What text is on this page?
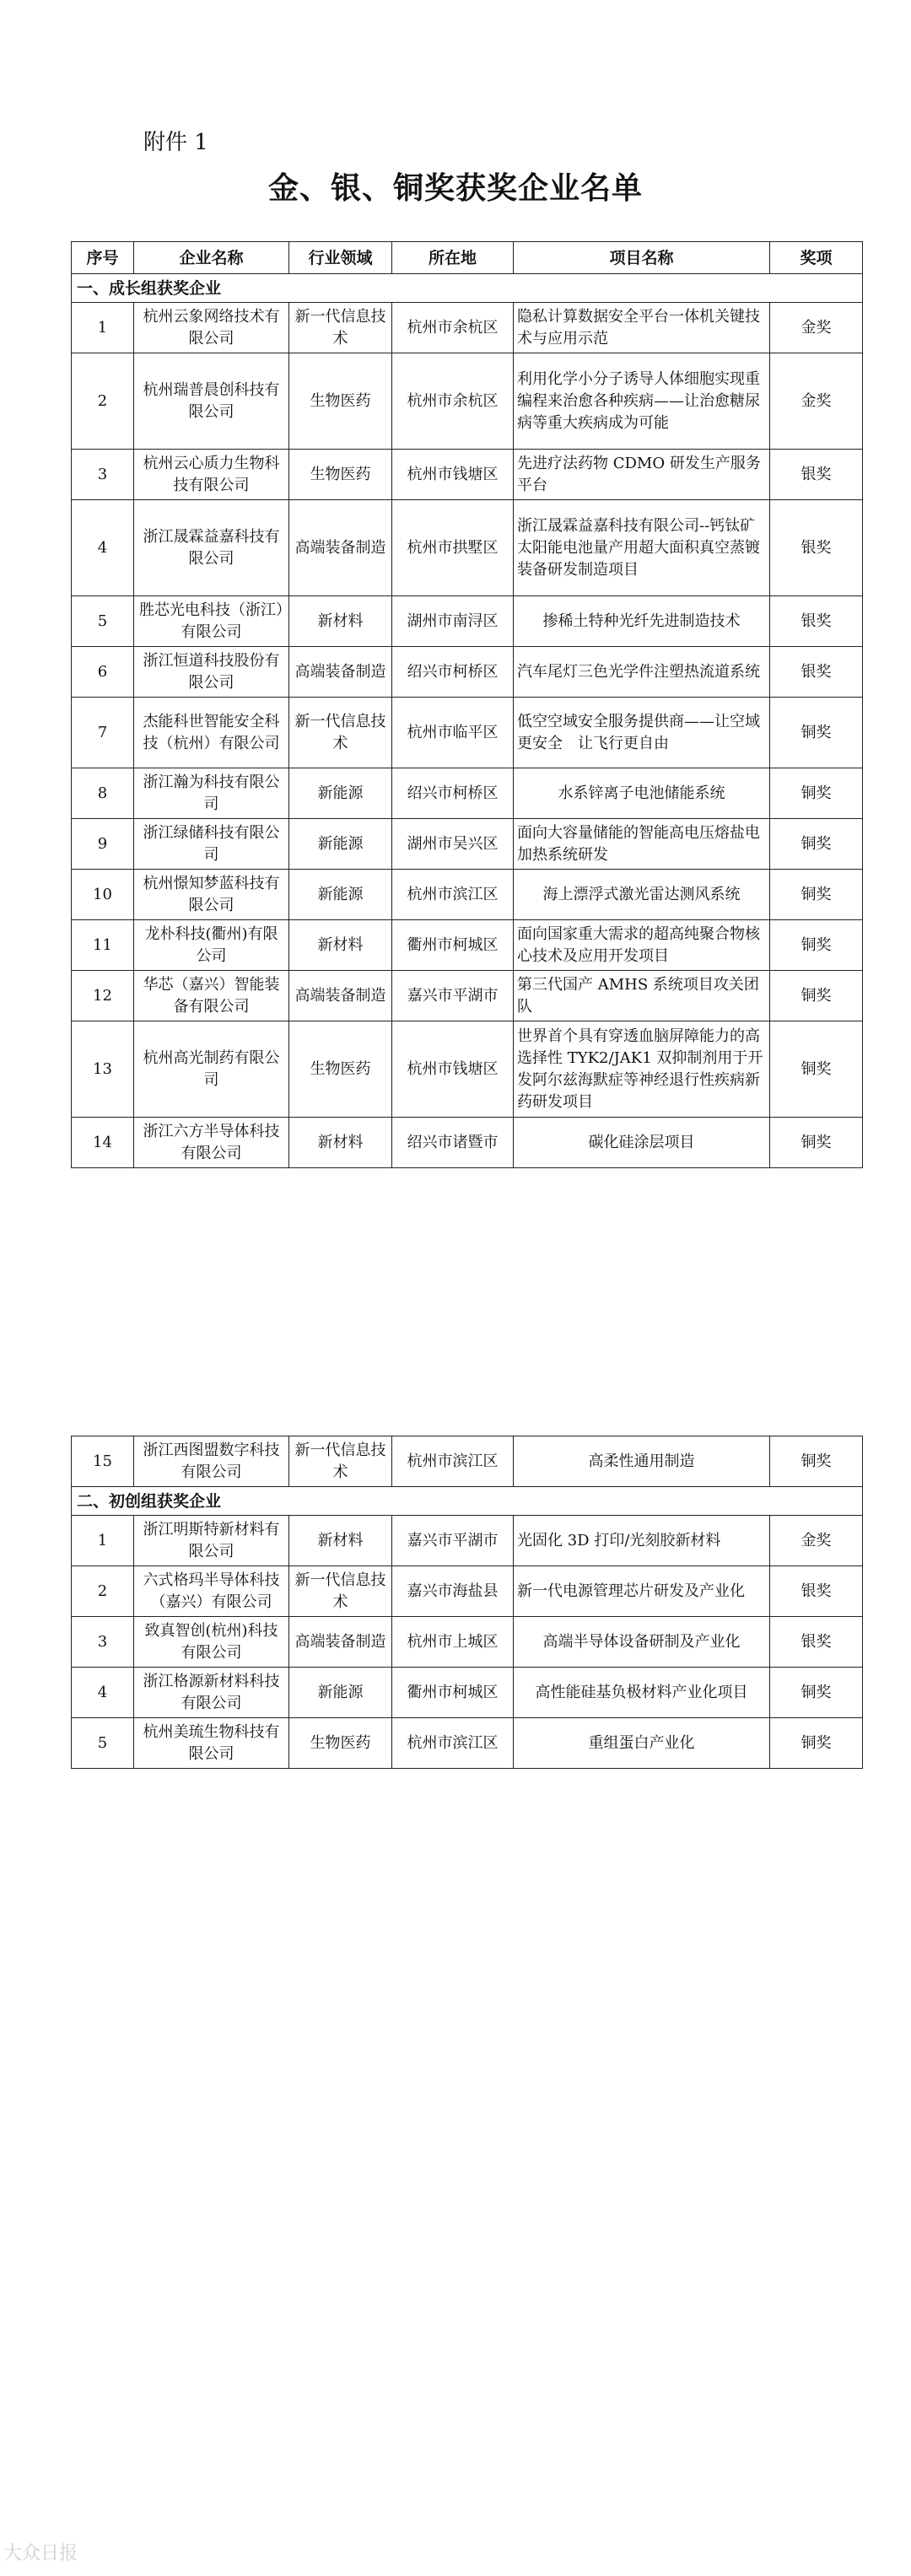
附件 1
金、银、铜奖获奖企业名单
序号	企业名称	行业领域	所在地	项目名称	奖项
一、成长组获奖企业					
1	杭州云象网络技术有限公司	新一代信息技术	杭州市余杭区	隐私计算数据安全平台一体机关键技术与应用示范	金奖
2	杭州瑞普晨创科技有限公司	生物医药	杭州市余杭区	利用化学小分子诱导人体细胞实现重编程来治愈各种疾病——让治愈糖尿病等重大疾病成为可能	金奖
3	杭州云心质力生物科技有限公司	生物医药	杭州市钱塘区	先进疗法药物 CDMO 研发生产服务平台	银奖
4	浙江晟霖益嘉科技有限公司	高端装备制造	杭州市拱墅区	浙江晟霖益嘉科技有限公司--钙钛矿太阳能电池量产用超大面积真空蒸镀装备研发制造项目	银奖
5	胜芯光电科技（浙江）有限公司	新材料	湖州市南浔区	掺稀土特种光纤先进制造技术	银奖
6	浙江恒道科技股份有限公司	高端装备制造	绍兴市柯桥区	汽车尾灯三色光学件注塑热流道系统	银奖
7	杰能科世智能安全科技（杭州）有限公司	新一代信息技术	杭州市临平区	低空空域安全服务提供商——让空域更安全　让飞行更自由	铜奖
8	浙江瀚为科技有限公司	新能源	绍兴市柯桥区	水系锌离子电池储能系统	铜奖
9	浙江绿储科技有限公司	新能源	湖州市吴兴区	面向大容量储能的智能高电压熔盐电加热系统研发	铜奖
10	杭州憬知梦蓝科技有限公司	新能源	杭州市滨江区	海上漂浮式激光雷达测风系统	铜奖
11	龙朴科技(衢州)有限公司	新材料	衢州市柯城区	面向国家重大需求的超高纯聚合物核心技术及应用开发项目	铜奖
12	华芯（嘉兴）智能装备有限公司	高端装备制造	嘉兴市平湖市	第三代国产 AMHS 系统项目攻关团队	铜奖
13	杭州高光制药有限公司	生物医药	杭州市钱塘区	世界首个具有穿透血脑屏障能力的高选择性 TYK2/JAK1 双抑制剂用于开发阿尔兹海默症等神经退行性疾病新药研发项目	铜奖
14	浙江六方半导体科技有限公司	新材料	绍兴市诸暨市	碳化硅涂层项目	铜奖
15	浙江西图盟数字科技有限公司	新一代信息技术	杭州市滨江区	高柔性通用制造	铜奖
二、初创组获奖企业					
1	浙江明斯特新材料有限公司	新材料	嘉兴市平湖市	光固化 3D 打印/光刻胶新材料	金奖
2	六式格玛半导体科技（嘉兴）有限公司	新一代信息技术	嘉兴市海盐县	新一代电源管理芯片研发及产业化	银奖
3	致真智创(杭州)科技有限公司	高端装备制造	杭州市上城区	高端半导体设备研制及产业化	银奖
4	浙江格源新材料科技有限公司	新能源	衢州市柯城区	高性能硅基负极材料产业化项目	铜奖
5	杭州美琉生物科技有限公司	生物医药	杭州市滨江区	重组蛋白产业化	铜奖
大众日报
